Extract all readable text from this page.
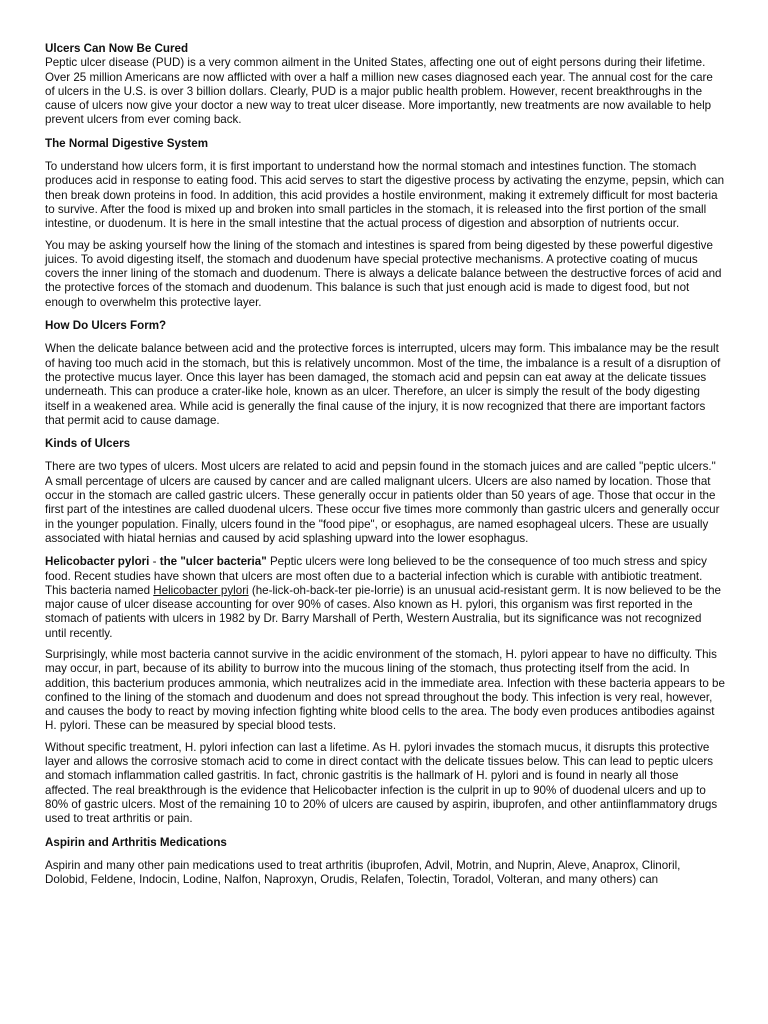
Ulcers Can Now Be Cured

Peptic ulcer disease (PUD) is a very common ailment in the United States, affecting one out of eight persons during their lifetime. Over 25 million Americans are now afflicted with over a half a million new cases diagnosed each year. The annual cost for the care of ulcers in the U.S. is over 3 billion dollars. Clearly, PUD is a major public health problem. However, recent breakthroughs in the cause of ulcers now give your doctor a new way to treat ulcer disease. More importantly, new treatments are now available to help prevent ulcers from ever coming back.

The Normal Digestive System

To understand how ulcers form, it is first important to understand how the normal stomach and intestines function. The stomach produces acid in response to eating food. This acid serves to start the digestive process by activating the enzyme, pepsin, which can then break down proteins in food. In addition, this acid provides a hostile environment, making it extremely difficult for most bacteria to survive. After the food is mixed up and broken into small particles in the stomach, it is released into the first portion of the small intestine, or duodenum. It is here in the small intestine that the actual process of digestion and absorption of nutrients occur.

You may be asking yourself how the lining of the stomach and intestines is spared from being digested by these powerful digestive juices. To avoid digesting itself, the stomach and duodenum have special protective mechanisms. A protective coating of mucus covers the inner lining of the stomach and duodenum. There is always a delicate balance between the destructive forces of acid and the protective forces of the stomach and duodenum. This balance is such that just enough acid is made to digest food, but not enough to overwhelm this protective layer.

How Do Ulcers Form?

When the delicate balance between acid and the protective forces is interrupted, ulcers may form. This imbalance may be the result of having too much acid in the stomach, but this is relatively uncommon. Most of the time, the imbalance is a result of a disruption of the protective mucus layer. Once this layer has been damaged, the stomach acid and pepsin can eat away at the delicate tissues underneath. This can produce a crater-like hole, known as an ulcer. Therefore, an ulcer is simply the result of the body digesting itself in a weakened area. While acid is generally the final cause of the injury, it is now recognized that there are important factors that permit acid to cause damage.

Kinds of Ulcers

There are two types of ulcers. Most ulcers are related to acid and pepsin found in the stomach juices and are called "peptic ulcers." A small percentage of ulcers are caused by cancer and are called malignant ulcers. Ulcers are also named by location. Those that occur in the stomach are called gastric ulcers. These generally occur in patients older than 50 years of age. Those that occur in the first part of the intestines are called duodenal ulcers. These occur five times more commonly than gastric ulcers and generally occur in the younger population. Finally, ulcers found in the "food pipe", or esophagus, are named esophageal ulcers. These are usually associated with hiatal hernias and caused by acid splashing upward into the lower esophagus.

Helicobacter pylori - the "ulcer bacteria" Peptic ulcers were long believed to be the consequence of too much stress and spicy food. Recent studies have shown that ulcers are most often due to a bacterial infection which is curable with antibiotic treatment. This bacteria named Helicobacter pylori (he-lick-oh-back-ter pie-lorrie) is an unusual acid-resistant germ. It is now believed to be the major cause of ulcer disease accounting for over 90% of cases. Also known as H. pylori, this organism was first reported in the stomach of patients with ulcers in 1982 by Dr. Barry Marshall of Perth, Western Australia, but its significance was not recognized until recently.

Surprisingly, while most bacteria cannot survive in the acidic environment of the stomach, H. pylori appear to have no difficulty. This may occur, in part, because of its ability to burrow into the mucous lining of the stomach, thus protecting itself from the acid. In addition, this bacterium produces ammonia, which neutralizes acid in the immediate area. Infection with these bacteria appears to be confined to the lining of the stomach and duodenum and does not spread throughout the body. This infection is very real, however, and causes the body to react by moving infection fighting white blood cells to the area. The body even produces antibodies against H. pylori. These can be measured by special blood tests.

Without specific treatment, H. pylori infection can last a lifetime. As H. pylori invades the stomach mucus, it disrupts this protective layer and allows the corrosive stomach acid to come in direct contact with the delicate tissues below. This can lead to peptic ulcers and stomach inflammation called gastritis. In fact, chronic gastritis is the hallmark of H. pylori and is found in nearly all those affected. The real breakthrough is the evidence that Helicobacter infection is the culprit in up to 90% of duodenal ulcers and up to 80% of gastric ulcers. Most of the remaining 10 to 20% of ulcers are caused by aspirin, ibuprofen, and other antiinflammatory drugs used to treat arthritis or pain.

Aspirin and Arthritis Medications

Aspirin and many other pain medications used to treat arthritis (ibuprofen, Advil, Motrin, and Nuprin, Aleve, Anaprox, Clinoril, Dolobid, Feldene, Indocin, Lodine, Nalfon, Naproxyn, Orudis, Relafen, Tolectin, Toradol, Volteran, and many others) can
